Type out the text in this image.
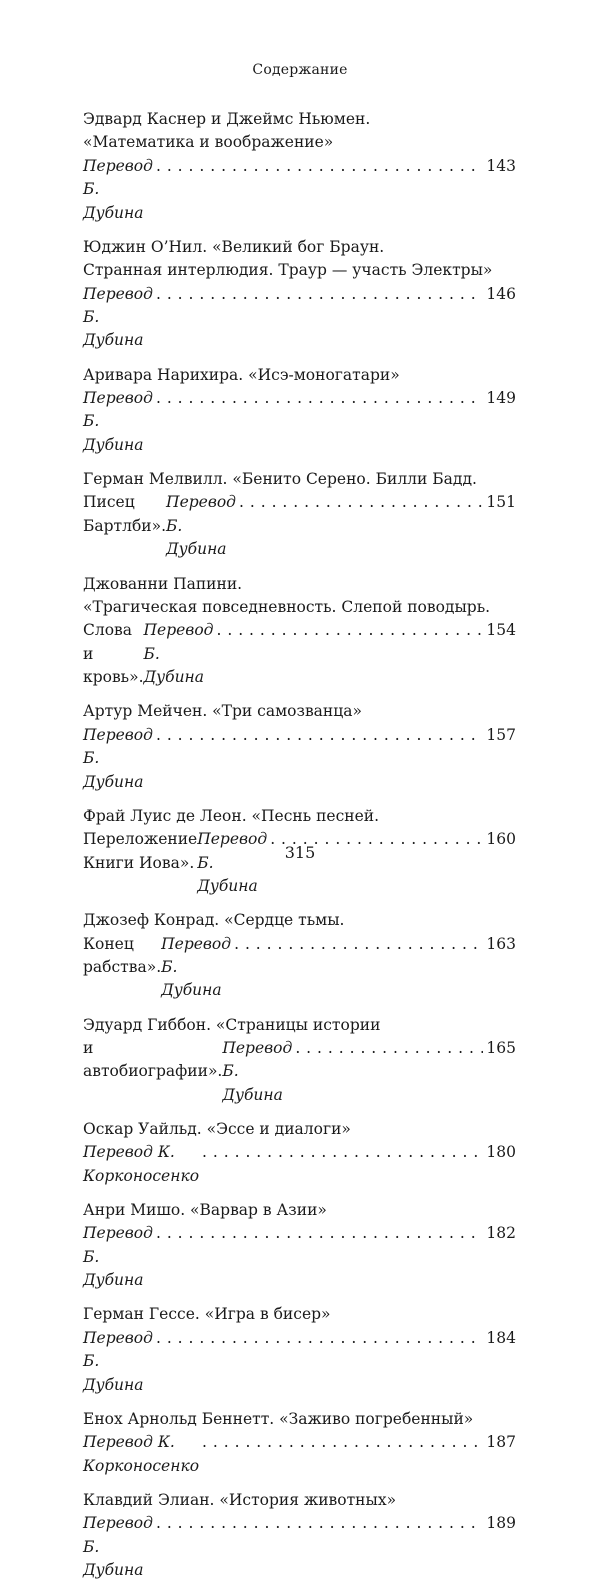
Содержание
Эдвард Каснер и Джеймс Ньюмен.
«Математика и воображение»
Перевод Б. Дубина
. . .
143
Юджин О’Нил. «Великий бог Браун.
Странная интерлюдия. Траур — участь Электры»
Перевод Б. Дубина
. . .
146
Аривара Нарихира. «Исэ-моногатари»
Перевод Б. Дубина
. . .
149
Герман Мелвилл. «Бенито Серено. Билли Бадд.
Писец Бартлби».
Перевод Б. Дубина
. . .
151
Джованни Папини.
«Трагическая повседневность. Слепой поводырь.
Слова и кровь».
Перевод Б. Дубина
. . .
154
Артур Мейчен. «Три самозванца»
Перевод Б. Дубина
. . .
157
Фрай Луис де Леон. «Песнь песней.
Переложение Книги Иова».
Перевод Б. Дубина
. . .
160
Джозеф Конрад. «Сердце тьмы.
Конец рабства».
Перевод Б. Дубина
. . .
163
Эдуард Гиббон. «Страницы истории
и автобиографии».
Перевод Б. Дубина
. . .
165
Оскар Уайльд. «Эссе и диалоги»
Перевод К. Корконосенко
. . .
180
Анри Мишо. «Варвар в Азии»
Перевод Б. Дубина
. . .
182
Герман Гессе. «Игра в бисер»
Перевод Б. Дубина
. . .
184
Енох Арнольд Беннетт. «Заживо погребенный»
Перевод К. Корконосенко
. . .
187
Клавдий Элиан. «История животных»
Перевод Б. Дубина
. . .
189
315
